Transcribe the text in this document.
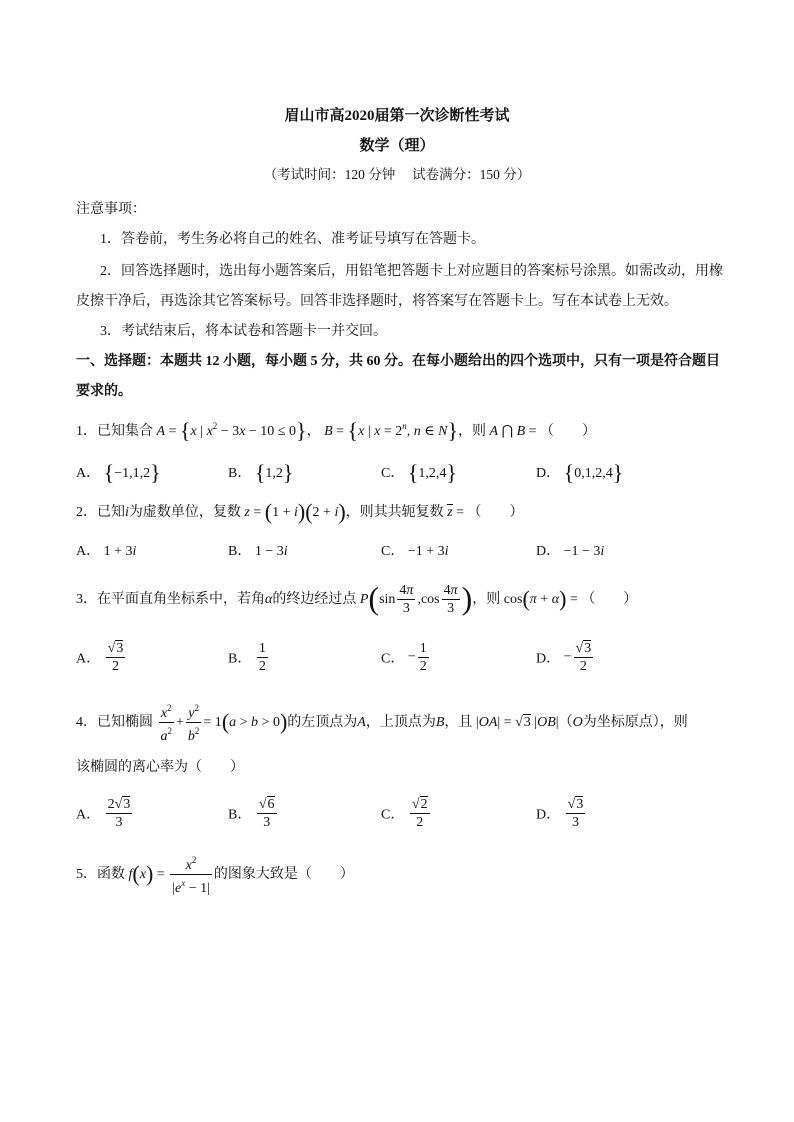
眉山市高2020届第一次诊断性考试
数学（理）
（考试时间：120 分钟　 试卷满分：150 分）
注意事项：
1．答卷前，考生务必将自己的姓名、准考证号填写在答题卡。
2．回答选择题时，选出每小题答案后，用铅笔把答题卡上对应题目的答案标号涂黑。如需改动，用橡
皮擦干净后，再选涂其它答案标号。回答非选择题时，将答案写在答题卡上。写在本试卷上无效。
3．考试结束后，将本试卷和答题卡一并交回。
一、选择题：本题共 12 小题，每小题 5 分，共 60 分。在每小题给出的四个选项中，只有一项是符合题目
要求的。
1．已知集合 A = {x | $x^2 - 3x - 10 \le 0$}， B = {x | $x = 2^n$, n ∈ N}，则 A ⋂ B = （　　）
A． {−1,1,2}	B． {1,2}	C． {1,2,4}	D． {0,1,2,4}
2．已知i为虚数单位，复数 z = (1 + i)(2 + i)，则其共轭复数 z = （　　）
A． 1 + 3i	B． 1 − 3i	C． −1 + 3i	D． −1 − 3i
3．在平面直角坐标系中，若角α的终边经过点 $P(\sin \frac{4\pi}{3} ,\cos \frac{4\pi}{3}$ )，则 cos(π + α) = （　　）
A． $\frac{√3}{2}$	B． $\frac{1}{2}$	C． − $\frac{1}{2}$	D． − $\frac{√3}{2}$
4．已知椭圆 $\frac{x^2}{a^2} + \frac{y^2}{b^2} = 1(a > b > 0)$的左顶点为A，上顶点为B，且 |OA| = √3 |OB|（O为坐标原点），则
该椭圆的离心率为（　　）
A． $\frac{2√3}{3}$	B． $\frac{√6}{3}$	C． $\frac{√2}{2}$	D． $\frac{√3}{3}$
5．函数 $f(x) = \frac{x^2}{|e^x - 1|}$ 的图象大致是（　　）
